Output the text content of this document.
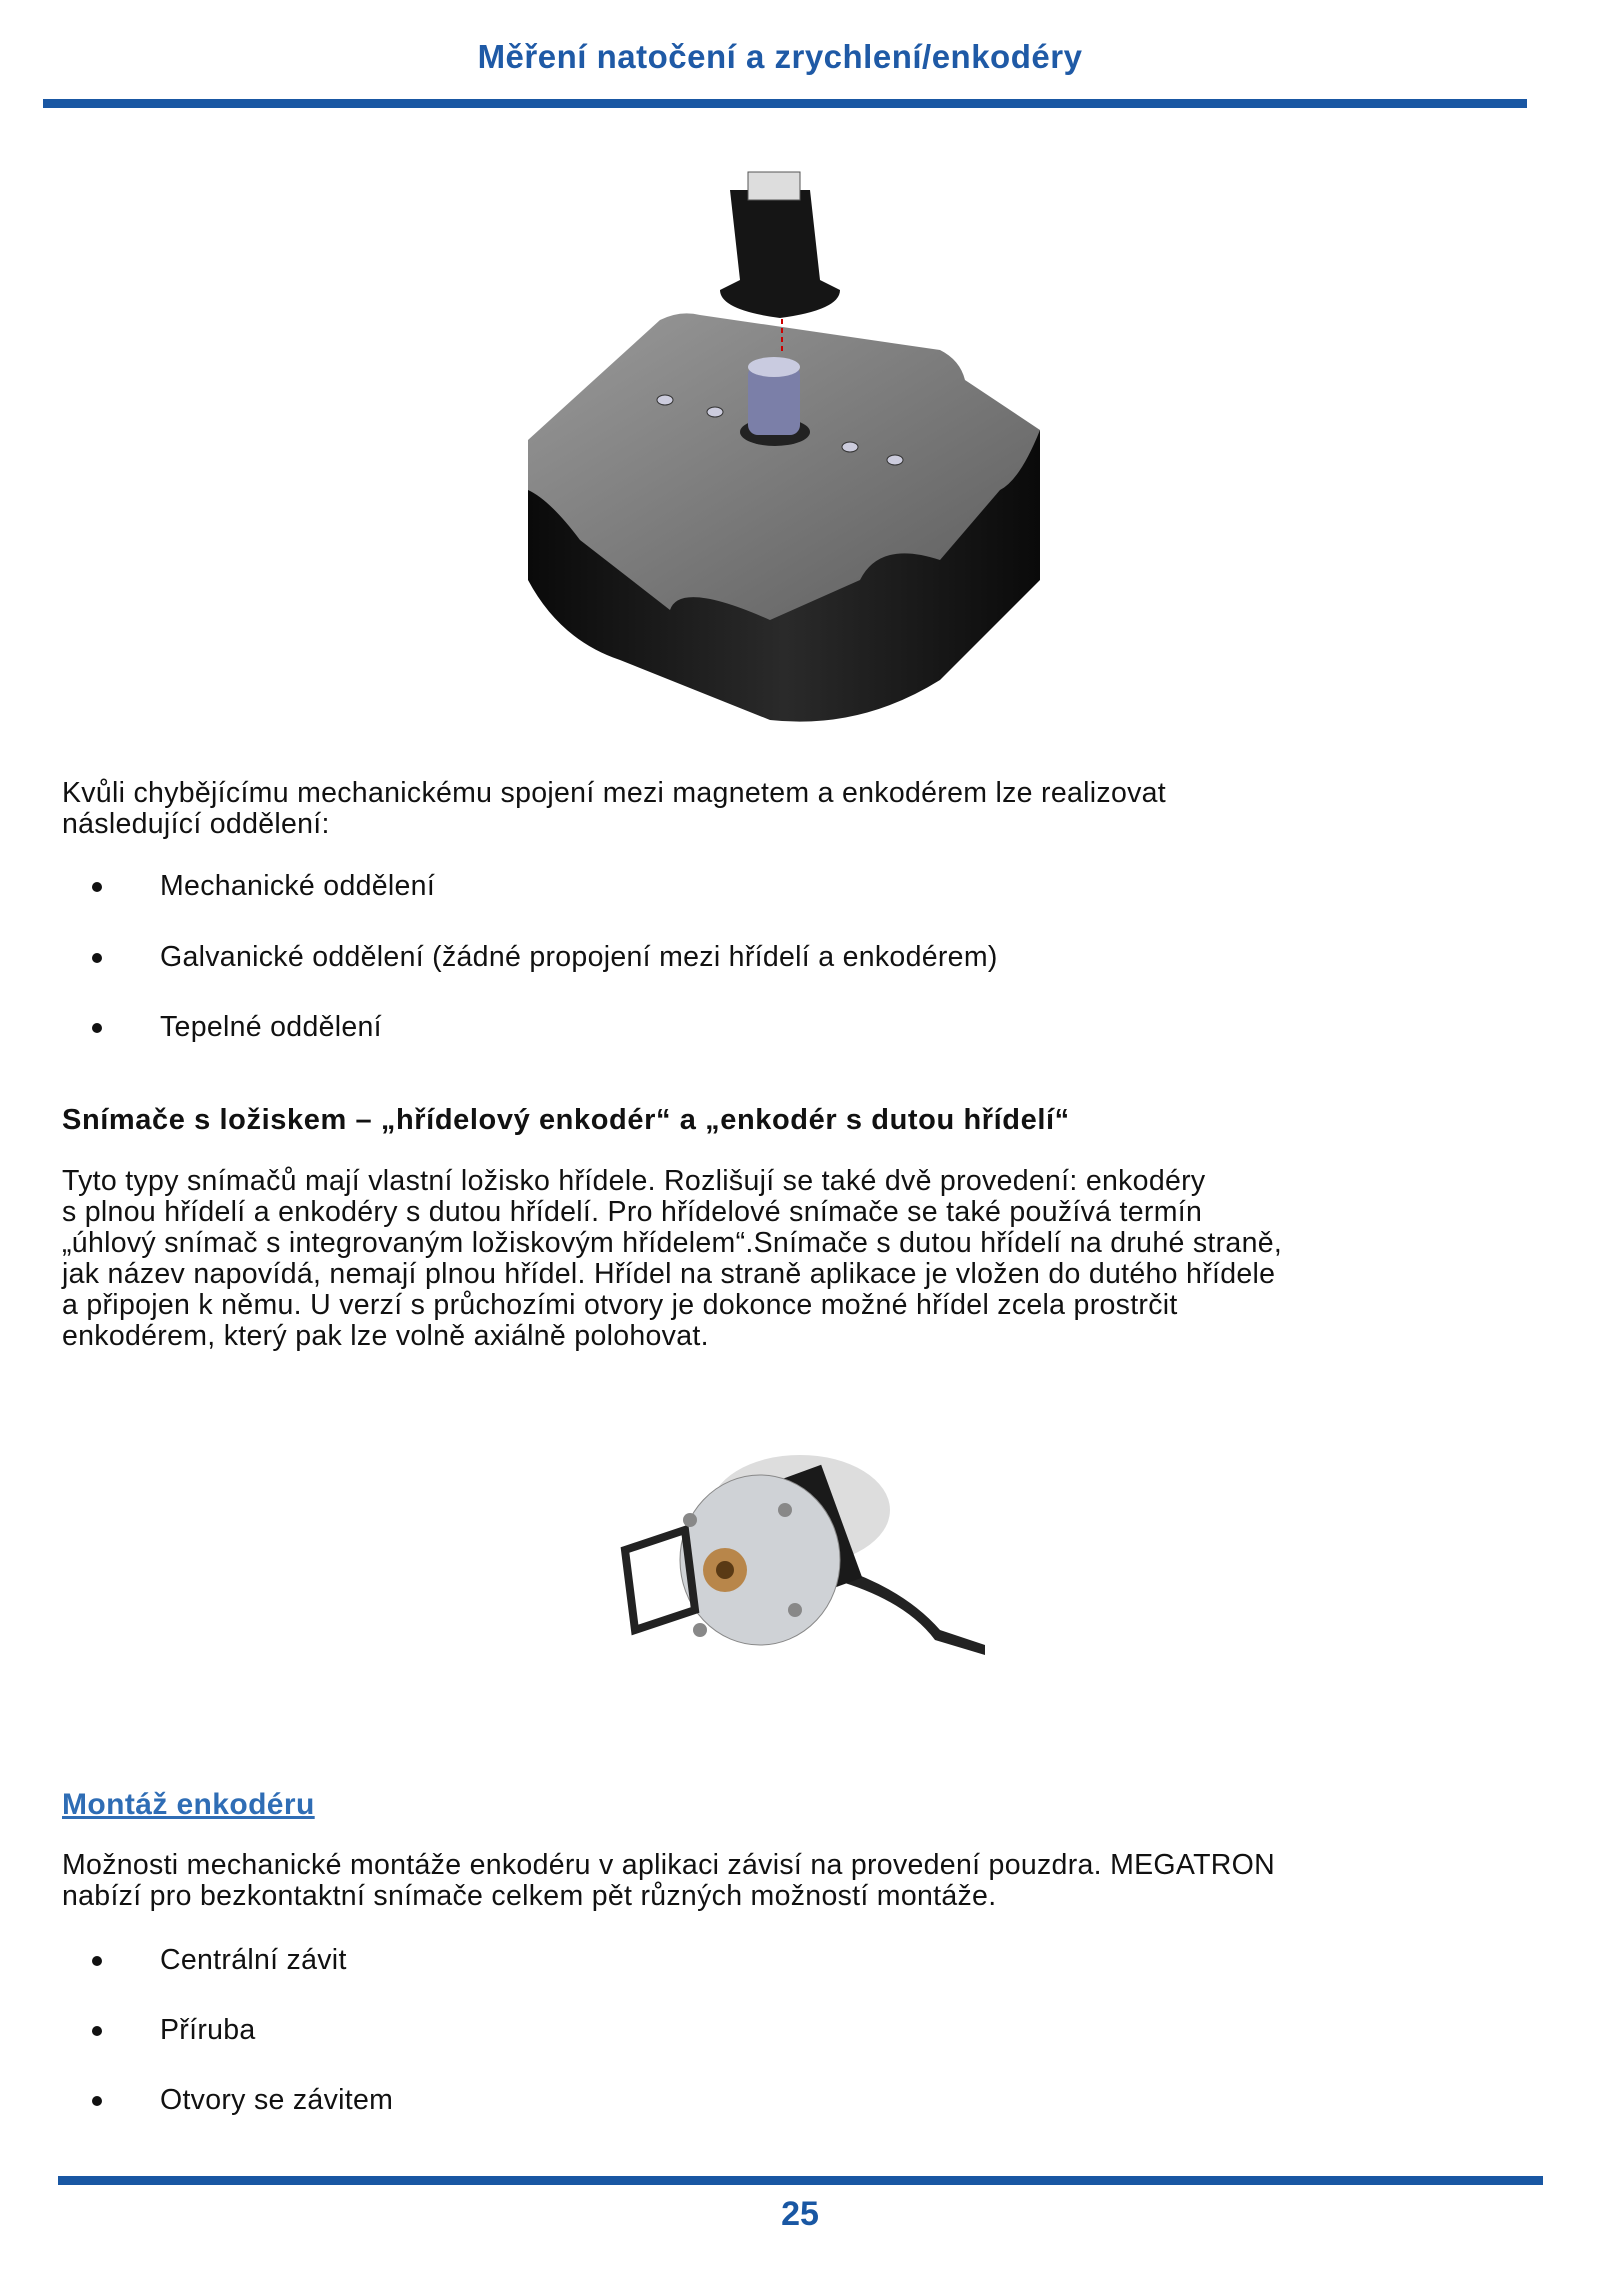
Měření natočení a zrychlení/enkodéry
Kvůli chybějícímu mechanickému spojení mezi magnetem a enkodérem lze realizovat
následující oddělení:
Mechanické oddělení
Galvanické oddělení (žádné propojení mezi hřídelí a enkodérem)
Tepelné oddělení
Snímače s ložiskem – „hřídelový enkodér“ a „enkodér s dutou hřídelí“
Tyto typy snímačů mají vlastní ložisko hřídele. Rozlišují se také dvě provedení: enkodéry
s plnou hřídelí a enkodéry s dutou hřídelí. Pro hřídelové snímače se také používá termín
„úhlový snímač s integrovaným ložiskovým hřídelem“.Snímače s dutou hřídelí na druhé straně,
jak název napovídá, nemají plnou hřídel. Hřídel na straně aplikace je vložen do dutého hřídele
a připojen k němu. U verzí s průchozími otvory je dokonce možné hřídel zcela prostrčit
enkodérem, který pak lze volně axiálně polohovat.
Montáž enkodéru
Možnosti mechanické montáže enkodéru v aplikaci závisí na provedení pouzdra. MEGATRON
nabízí pro bezkontaktní snímače celkem pět různých možností montáže.
Centrální závit
Příruba
Otvory se závitem
25
